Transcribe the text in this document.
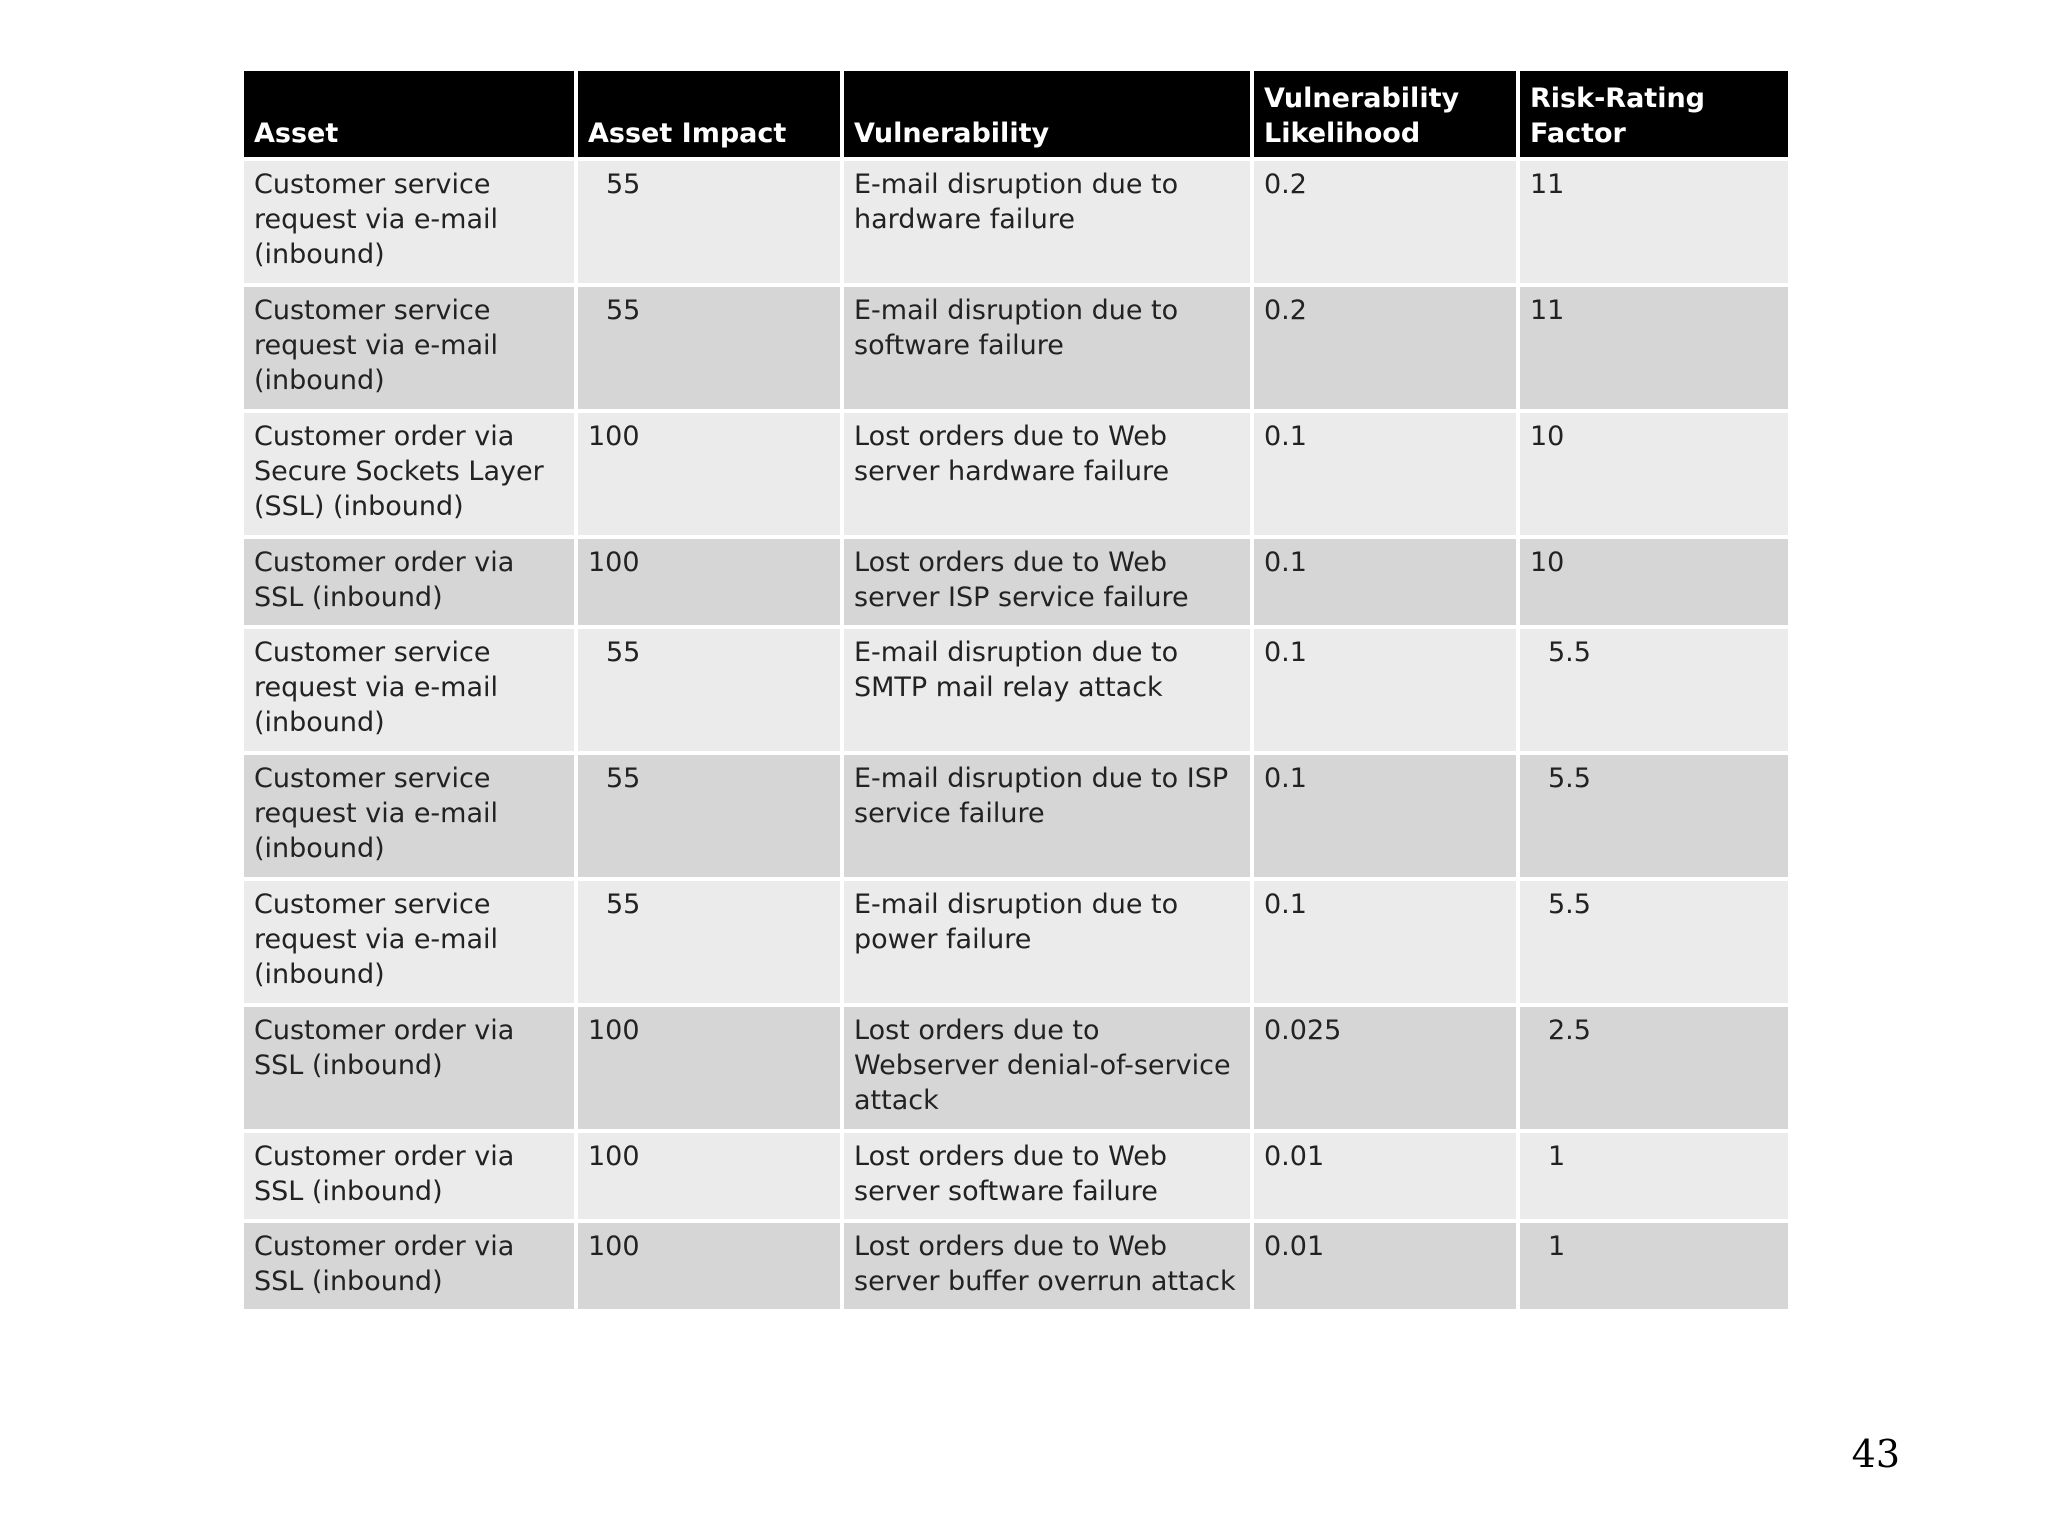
Asset	Asset Impact	Vulnerability	Vulnerability Likelihood	Risk-Rating Factor
Customer service request via e-mail (inbound)	55	E-mail disruption due to hardware failure	0.2	11
Customer service request via e-mail (inbound)	55	E-mail disruption due to software failure	0.2	11
Customer order via Secure Sockets Layer (SSL) (inbound)	100	Lost orders due to Web server hardware failure	0.1	10
Customer order via SSL (inbound)	100	Lost orders due to Web server ISP service failure	0.1	10
Customer service request via e-mail (inbound)	55	E-mail disruption due to SMTP mail relay attack	0.1	5.5
Customer service request via e-mail (inbound)	55	E-mail disruption due to ISP service failure	0.1	5.5
Customer service request via e-mail (inbound)	55	E-mail disruption due to power failure	0.1	5.5
Customer order via SSL (inbound)	100	Lost orders due to Webserver denial-of-service attack	0.025	2.5
Customer order via SSL (inbound)	100	Lost orders due to Web server software failure	0.01	1
Customer order via SSL (inbound)	100	Lost orders due to Web server buffer overrun attack	0.01	1
43
